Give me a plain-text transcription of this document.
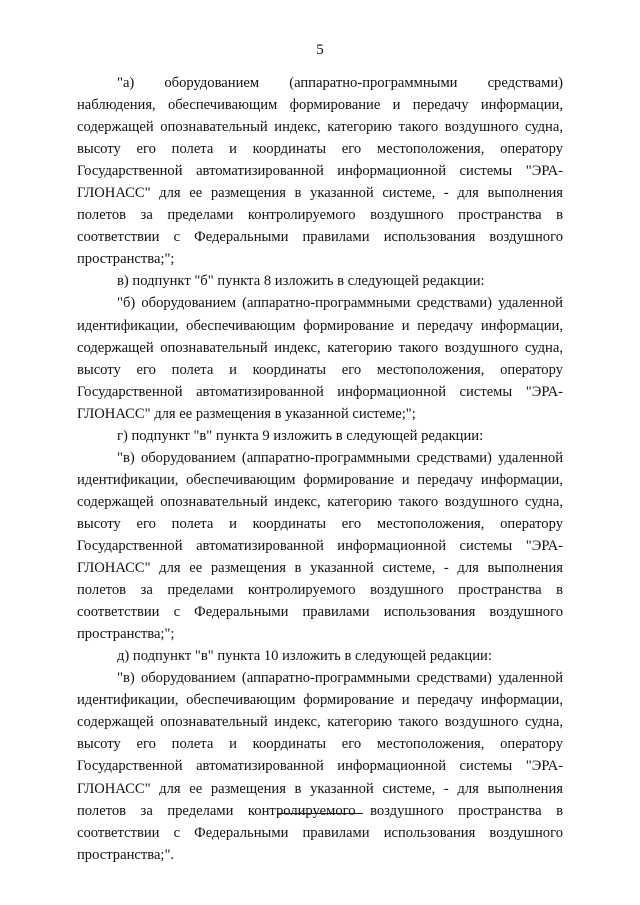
5

"а) оборудованием (аппаратно-программными средствами) наблюдения, обеспечивающим формирование и передачу информации, содержащей опознавательный индекс, категорию такого воздушного судна, высоту его полета и координаты его местоположения, оператору Государственной автоматизированной информационной системы "ЭРА-ГЛОНАСС" для ее размещения в указанной системе, - для выполнения полетов за пределами контролируемого воздушного пространства в соответствии с Федеральными правилами использования воздушного пространства;";

в) подпункт "б" пункта 8 изложить в следующей редакции:

"б) оборудованием (аппаратно-программными средствами) удаленной идентификации, обеспечивающим формирование и передачу информации, содержащей опознавательный индекс, категорию такого воздушного судна, высоту его полета и координаты его местоположения, оператору Государственной автоматизированной информационной системы "ЭРА-ГЛОНАСС" для ее размещения в указанной системе;";

г) подпункт "в" пункта 9 изложить в следующей редакции:

"в) оборудованием (аппаратно-программными средствами) удаленной идентификации, обеспечивающим формирование и передачу информации, содержащей опознавательный индекс, категорию такого воздушного судна, высоту его полета и координаты его местоположения, оператору Государственной автоматизированной информационной системы "ЭРА-ГЛОНАСС" для ее размещения в указанной системе, - для выполнения полетов за пределами контролируемого воздушного пространства в соответствии с Федеральными правилами использования воздушного пространства;";

д) подпункт "в" пункта 10 изложить в следующей редакции:

"в) оборудованием (аппаратно-программными средствами) удаленной идентификации, обеспечивающим формирование и передачу информации, содержащей опознавательный индекс, категорию такого воздушного судна, высоту его полета и координаты его местоположения, оператору Государственной автоматизированной информационной системы "ЭРА-ГЛОНАСС" для ее размещения в указанной системе, - для выполнения полетов за пределами контролируемого воздушного пространства в соответствии с Федеральными правилами использования воздушного пространства;".
